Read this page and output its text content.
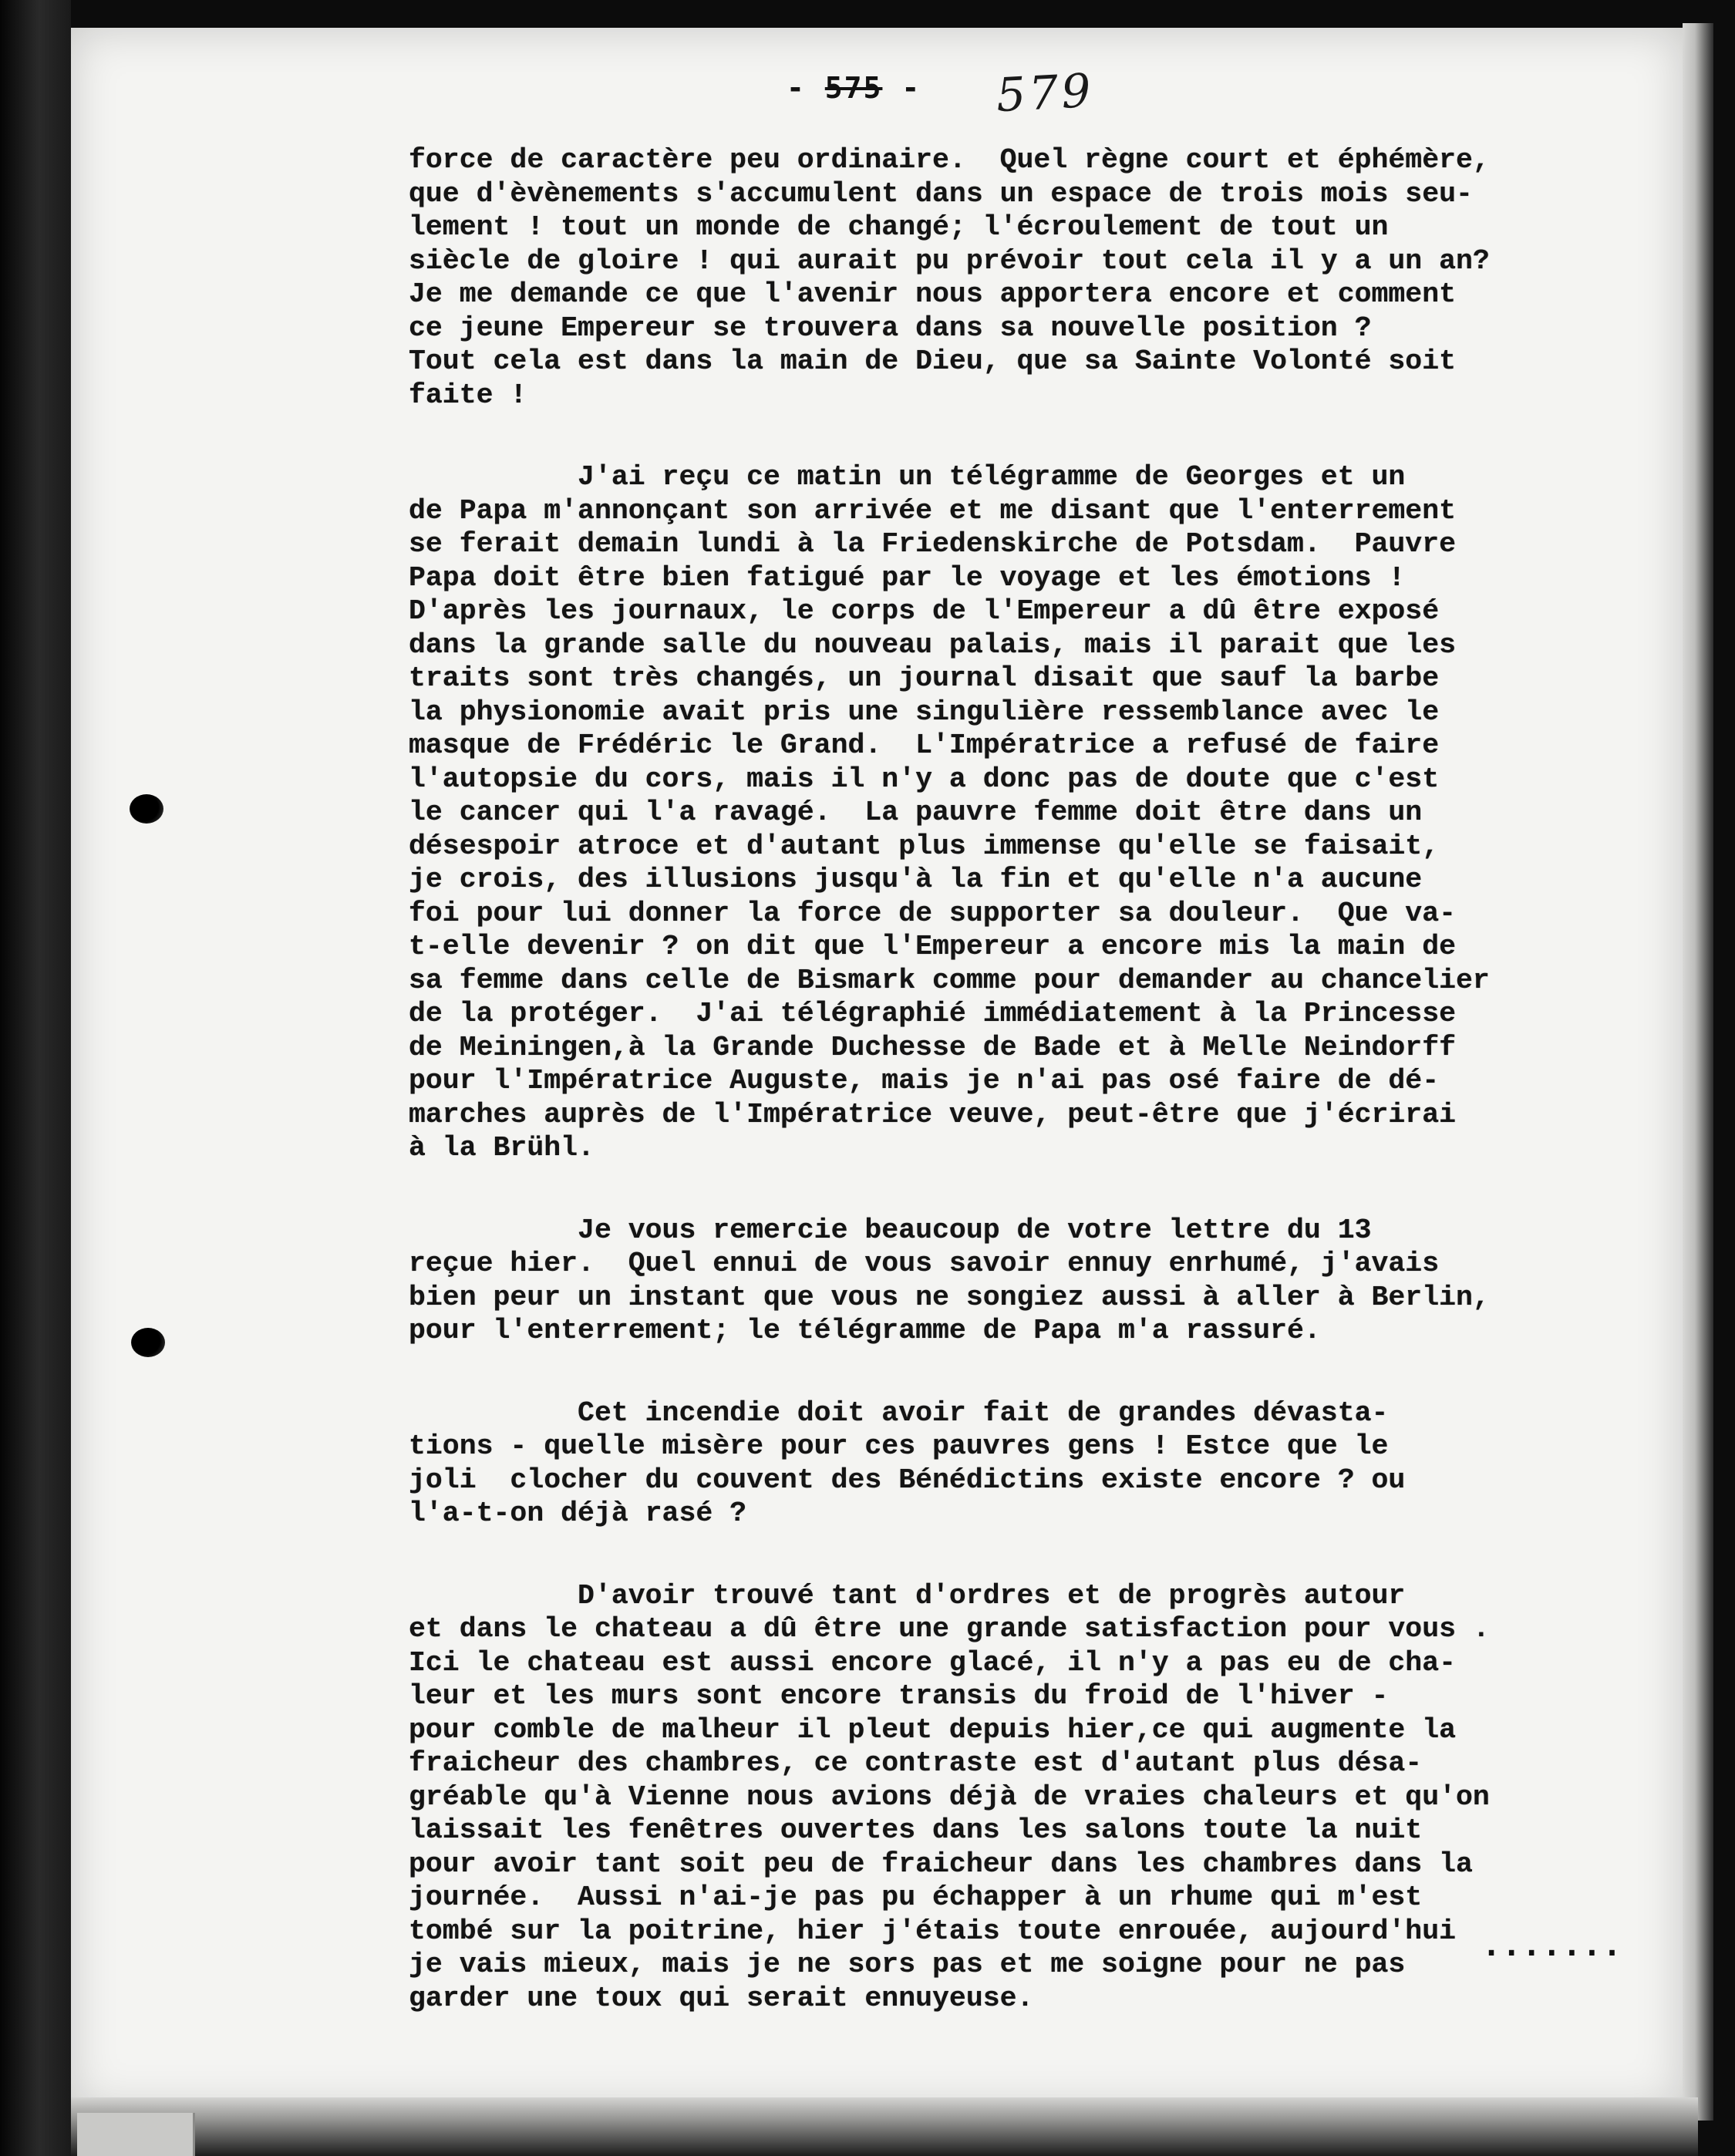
- 575 - 579
force de caractère peu ordinaire.  Quel règne court et éphémère,
que d'èvènements s'accumulent dans un espace de trois mois seu-
lement ! tout un monde de changé; l'écroulement de tout un
siècle de gloire ! qui aurait pu prévoir tout cela il y a un an?
Je me demande ce que l'avenir nous apportera encore et comment
ce jeune Empereur se trouvera dans sa nouvelle position ?
Tout cela est dans la main de Dieu, que sa Sainte Volonté soit
faite !
J'ai reçu ce matin un télégramme de Georges et un
de Papa m'annonçant son arrivée et me disant que l'enterrement
se ferait demain lundi à la Friedenskirche de Potsdam.  Pauvre
Papa doit être bien fatigué par le voyage et les émotions !
D'après les journaux, le corps de l'Empereur a dû être exposé
dans la grande salle du nouveau palais, mais il parait que les
traits sont très changés, un journal disait que sauf la barbe
la physionomie avait pris une singulière ressemblance avec le
masque de Frédéric le Grand.  L'Impératrice a refusé de faire
l'autopsie du cors, mais il n'y a donc pas de doute que c'est
le cancer qui l'a ravagé.  La pauvre femme doit être dans un
désespoir atroce et d'autant plus immense qu'elle se faisait,
je crois, des illusions jusqu'à la fin et qu'elle n'a aucune
foi pour lui donner la force de supporter sa douleur.  Que va-
t-elle devenir ? on dit que l'Empereur a encore mis la main de
sa femme dans celle de Bismark comme pour demander au chancelier
de la protéger.  J'ai télégraphié immédiatement à la Princesse
de Meiningen,à la Grande Duchesse de Bade et à Melle Neindorff
pour l'Impératrice Auguste, mais je n'ai pas osé faire de dé-
marches auprès de l'Impératrice veuve, peut-être que j'écrirai
à la Brühl.
Je vous remercie beaucoup de votre lettre du 13
reçue hier.  Quel ennui de vous savoir ennuy enrhumé, j'avais
bien peur un instant que vous ne songiez aussi à aller à Berlin,
pour l'enterrement; le télégramme de Papa m'a rassuré.
Cet incendie doit avoir fait de grandes dévasta-
tions - quelle misère pour ces pauvres gens ! Estce que le
joli  clocher du couvent des Bénédictins existe encore ? ou
l'a-t-on déjà rasé ?
D'avoir trouvé tant d'ordres et de progrès autour
et dans le chateau a dû être une grande satisfaction pour vous .
Ici le chateau est aussi encore glacé, il n'y a pas eu de cha-
leur et les murs sont encore transis du froid de l'hiver -
pour comble de malheur il pleut depuis hier,ce qui augmente la
fraicheur des chambres, ce contraste est d'autant plus désa-
gréable qu'à Vienne nous avions déjà de vraies chaleurs et qu'on
laissait les fenêtres ouvertes dans les salons toute la nuit
pour avoir tant soit peu de fraicheur dans les chambres dans la
journée.  Aussi n'ai-je pas pu échapper à un rhume qui m'est
tombé sur la poitrine, hier j'étais toute enrouée, aujourd'hui
je vais mieux, mais je ne sors pas et me soigne pour ne pas
garder une toux qui serait ennuyeuse.
.......
